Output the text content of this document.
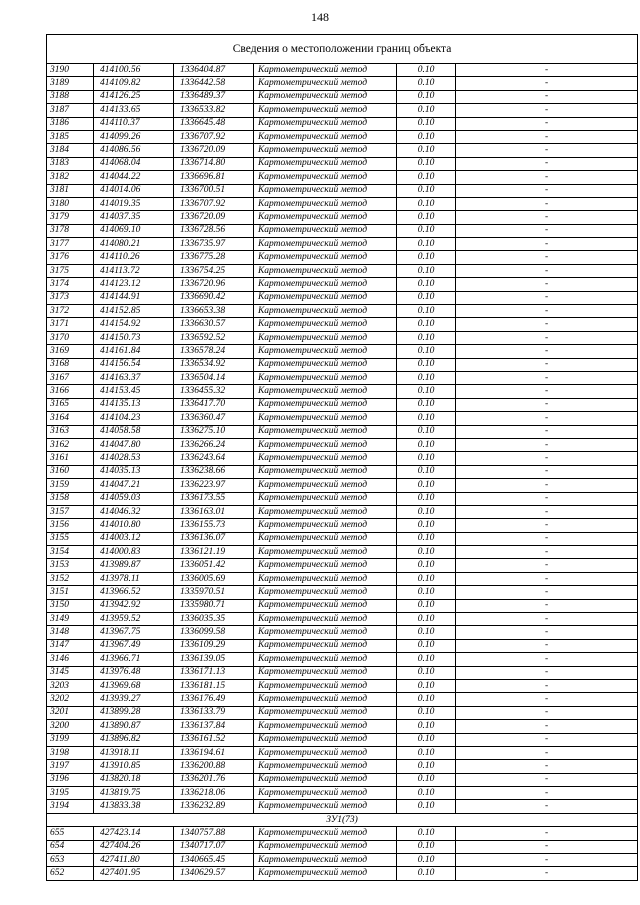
148
Сведения о местоположении границ объекта					
3190	414100.56	1336404.87	Картометрический метод	0.10	-
3189	414109.82	1336442.58	Картометрический метод	0.10	-
3188	414126.25	1336489.37	Картометрический метод	0.10	-
3187	414133.65	1336533.82	Картометрический метод	0.10	-
3186	414110.37	1336645.48	Картометрический метод	0.10	-
3185	414099.26	1336707.92	Картометрический метод	0.10	-
3184	414086.56	1336720.09	Картометрический метод	0.10	-
3183	414068.04	1336714.80	Картометрический метод	0.10	-
3182	414044.22	1336696.81	Картометрический метод	0.10	-
3181	414014.06	1336700.51	Картометрический метод	0.10	-
3180	414019.35	1336707.92	Картометрический метод	0.10	-
3179	414037.35	1336720.09	Картометрический метод	0.10	-
3178	414069.10	1336728.56	Картометрический метод	0.10	-
3177	414080.21	1336735.97	Картометрический метод	0.10	-
3176	414110.26	1336775.28	Картометрический метод	0.10	-
3175	414113.72	1336754.25	Картометрический метод	0.10	-
3174	414123.12	1336720.96	Картометрический метод	0.10	-
3173	414144.91	1336690.42	Картометрический метод	0.10	-
3172	414152.85	1336653.38	Картометрический метод	0.10	-
3171	414154.92	1336630.57	Картометрический метод	0.10	-
3170	414150.73	1336592.52	Картометрический метод	0.10	-
3169	414161.84	1336578.24	Картометрический метод	0.10	-
3168	414156.54	1336534.92	Картометрический метод	0.10	-
3167	414163.37	1336504.14	Картометрический метод	0.10	-
3166	414153.45	1336455.32	Картометрический метод	0.10	-
3165	414135.13	1336417.70	Картометрический метод	0.10	-
3164	414104.23	1336360.47	Картометрический метод	0.10	-
3163	414058.58	1336275.10	Картометрический метод	0.10	-
3162	414047.80	1336266.24	Картометрический метод	0.10	-
3161	414028.53	1336243.64	Картометрический метод	0.10	-
3160	414035.13	1336238.66	Картометрический метод	0.10	-
3159	414047.21	1336223.97	Картометрический метод	0.10	-
3158	414059.03	1336173.55	Картометрический метод	0.10	-
3157	414046.32	1336163.01	Картометрический метод	0.10	-
3156	414010.80	1336155.73	Картометрический метод	0.10	-
3155	414003.12	1336136.07	Картометрический метод	0.10	-
3154	414000.83	1336121.19	Картометрический метод	0.10	-
3153	413989.87	1336051.42	Картометрический метод	0.10	-
3152	413978.11	1336005.69	Картометрический метод	0.10	-
3151	413966.52	1335970.51	Картометрический метод	0.10	-
3150	413942.92	1335980.71	Картометрический метод	0.10	-
3149	413959.52	1336035.35	Картометрический метод	0.10	-
3148	413967.75	1336099.58	Картометрический метод	0.10	-
3147	413967.49	1336109.29	Картометрический метод	0.10	-
3146	413966.71	1336139.05	Картометрический метод	0.10	-
3145	413976.48	1336171.13	Картометрический метод	0.10	-
3203	413969.68	1336181.15	Картометрический метод	0.10	-
3202	413939.27	1336176.49	Картометрический метод	0.10	-
3201	413899.28	1336133.79	Картометрический метод	0.10	-
3200	413890.87	1336137.84	Картометрический метод	0.10	-
3199	413896.82	1336161.52	Картометрический метод	0.10	-
3198	413918.11	1336194.61	Картометрический метод	0.10	-
3197	413910.85	1336200.88	Картометрический метод	0.10	-
3196	413820.18	1336201.76	Картометрический метод	0.10	-
3195	413819.75	1336218.06	Картометрический метод	0.10	-
3194	413833.38	1336232.89	Картометрический метод	0.10	-
ЗУ1(73)					
655	427423.14	1340757.88	Картометрический метод	0.10	-
654	427404.26	1340717.07	Картометрический метод	0.10	-
653	427411.80	1340665.45	Картометрический метод	0.10	-
652	427401.95	1340629.57	Картометрический метод	0.10	-
